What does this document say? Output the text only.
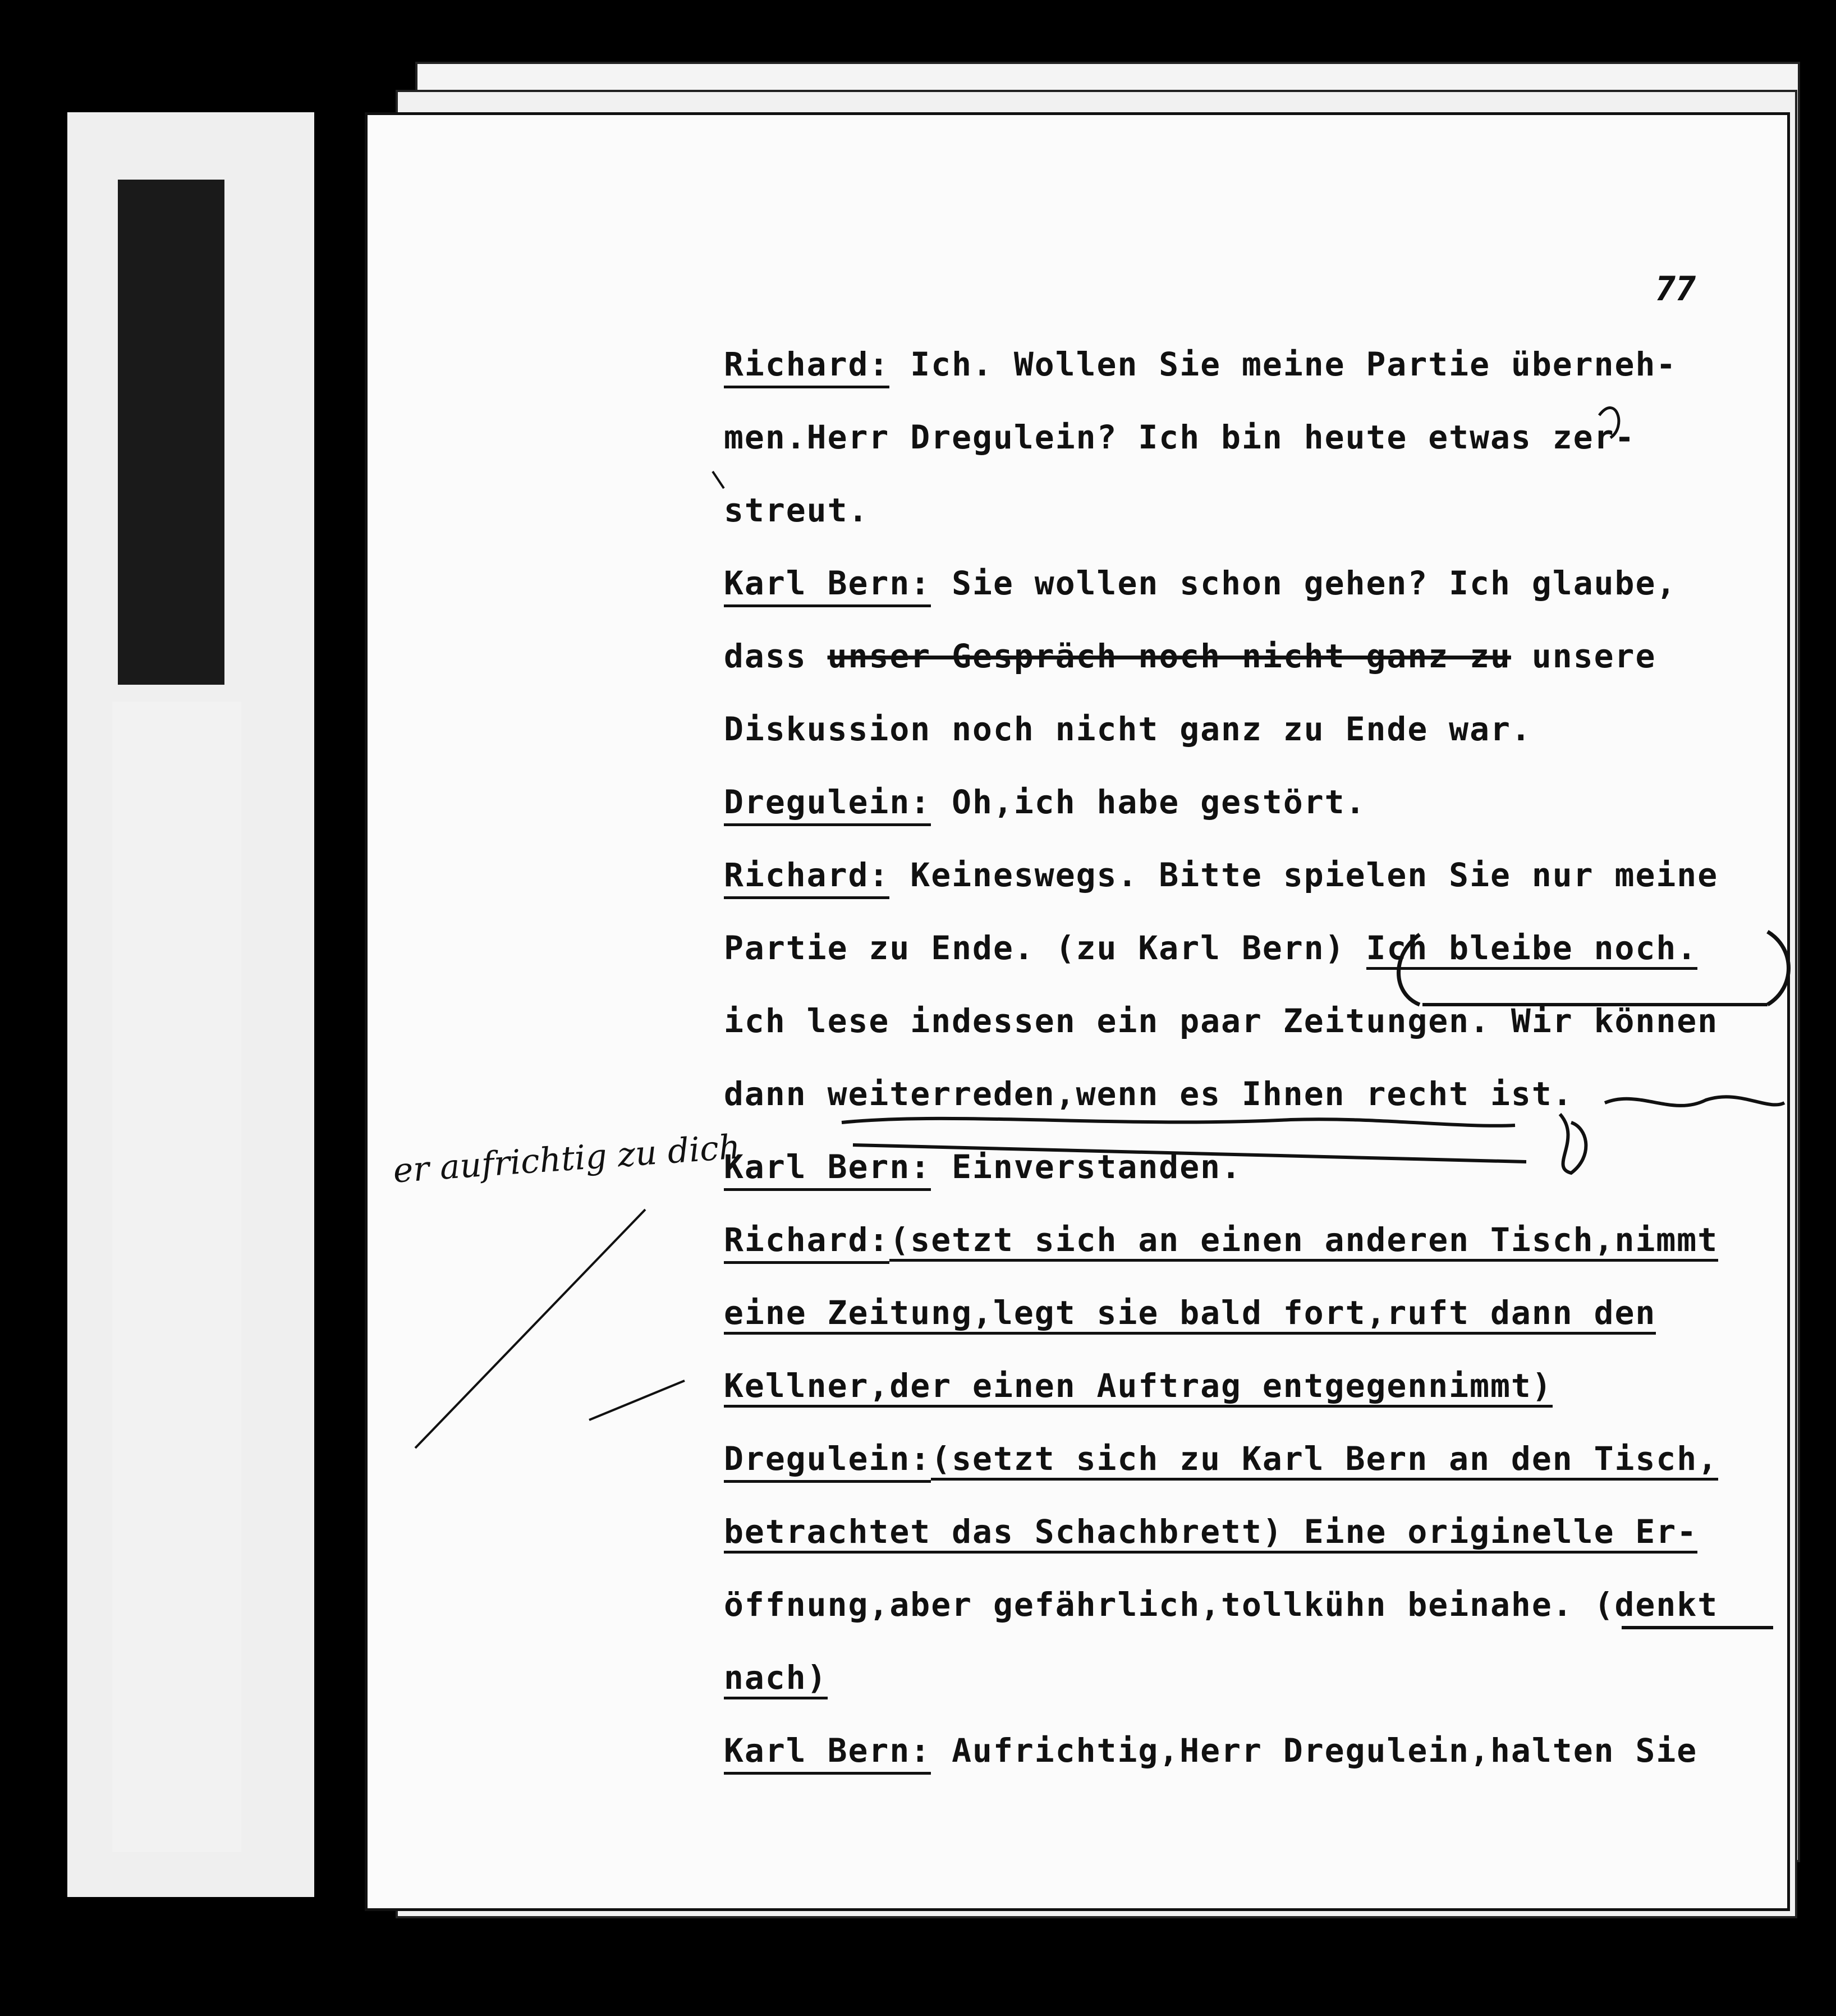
77
Richard: Ich. Wollen Sie meine Partie überneh-
men.Herr Dregulein? Ich bin heute etwas zer-
streut.
Karl Bern: Sie wollen schon gehen? Ich glaube,
dass unser Gespräch noch nicht ganz zu unsere
Diskussion noch nicht ganz zu Ende war.
Dregulein: Oh,ich habe gestört.
Richard: Keineswegs. Bitte spielen Sie nur meine
Partie zu Ende. (zu Karl Bern) Ich bleibe noch.
ich lese indessen ein paar Zeitungen. Wir können
dann weiterreden,wenn es Ihnen recht ist.
Karl Bern: Einverstanden.
Richard:(setzt sich an einen anderen Tisch,nimmt
eine Zeitung,legt sie bald fort,ruft dann den
Kellner,der einen Auftrag entgegennimmt)
Dregulein:(setzt sich zu Karl Bern an den Tisch,
betrachtet das Schachbrett) Eine originelle Er-
öffnung,aber gefährlich,tollkühn beinahe. (denkt
nach)
Karl Bern: Aufrichtig,Herr Dregulein,halten Sie
er aufrichtig zu dich
